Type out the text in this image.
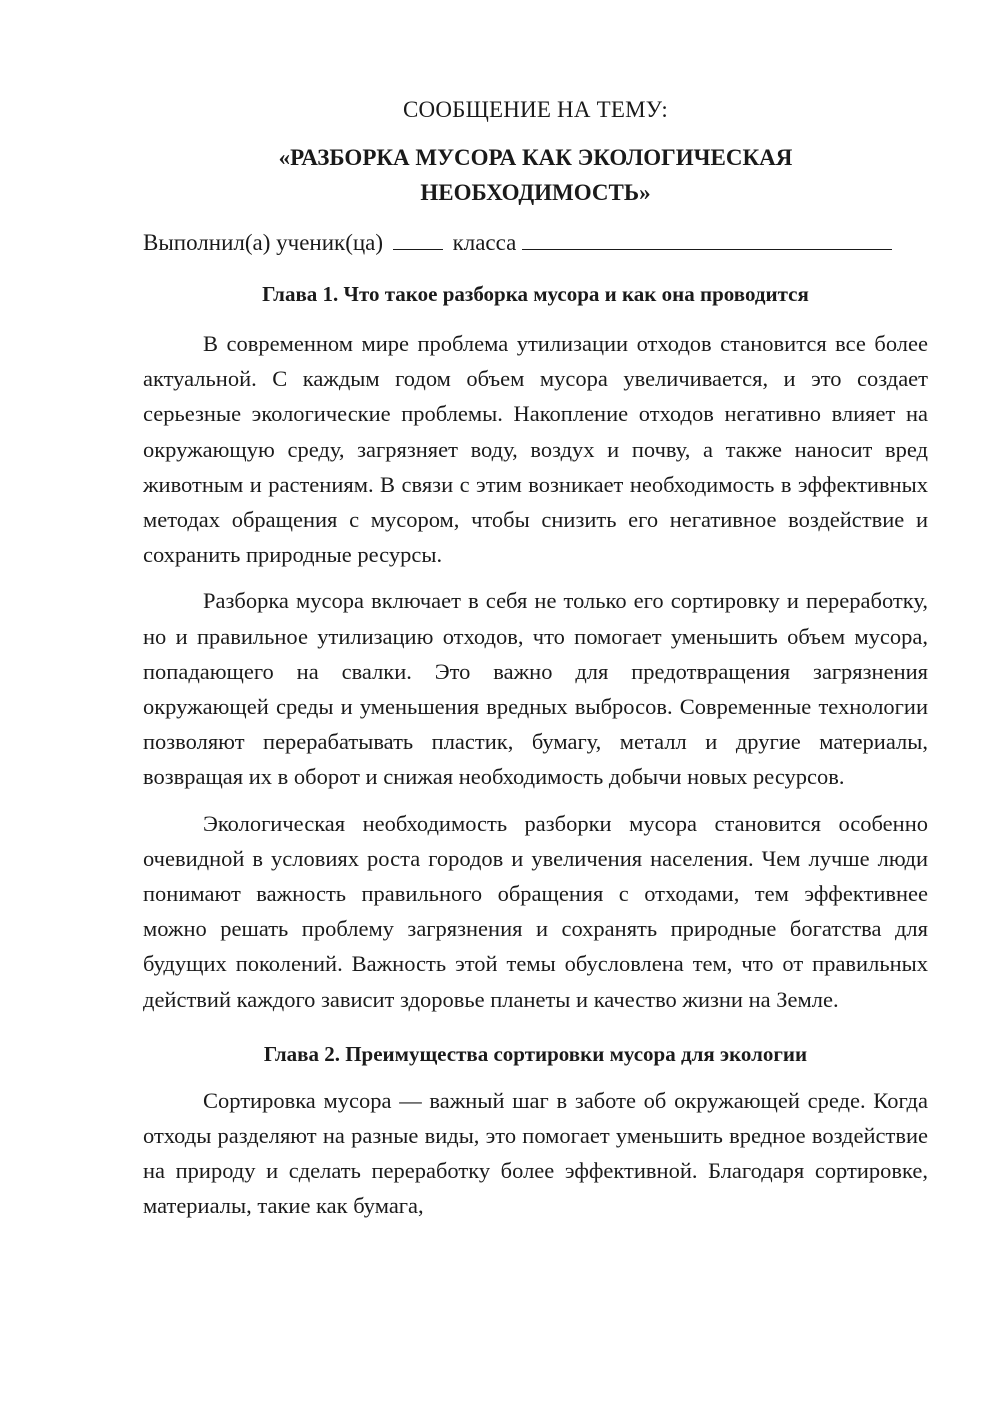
СООБЩЕНИЕ НА ТЕМУ:

«РАЗБОРКА МУСОРА КАК ЭКОЛОГИЧЕСКАЯ
НЕОБХОДИМОСТЬ»

Выполнил(а) ученик(ца)	класса

Глава 1. Что такое разборка мусора и как она проводится

В современном мире проблема утилизации отходов становится все более актуальной. С каждым годом объем мусора увеличивается, и это создает серьезные экологические проблемы. Накопление отходов негативно влияет на окружающую среду, загрязняет воду, воздух и почву, а также наносит вред животным и растениям. В связи с этим возникает необходимость в эффективных методах обращения с мусором, чтобы снизить его негативное воздействие и сохранить природные ресурсы.

Разборка мусора включает в себя не только его сортировку и переработку, но и правильное утилизацию отходов, что помогает уменьшить объем мусора, попадающего на свалки. Это важно для предотвращения загрязнения окружающей среды и уменьшения вредных выбросов. Современные технологии позволяют перерабатывать пластик, бумагу, металл и другие материалы, возвращая их в оборот и снижая необходимость добычи новых ресурсов.

Экологическая необходимость разборки мусора становится особенно очевидной в условиях роста городов и увеличения населения. Чем лучше люди понимают важность правильного обращения с отходами, тем эффективнее можно решать проблему загрязнения и сохранять природные богатства для будущих поколений. Важность этой темы обусловлена тем, что от правильных действий каждого зависит здоровье планеты и качество жизни на Земле.

Глава 2. Преимущества сортировки мусора для экологии

Сортировка мусора — важный шаг в заботе об окружающей среде. Когда отходы разделяют на разные виды, это помогает уменьшить вредное воздействие на природу и сделать переработку более эффективной. Благодаря сортировке, материалы, такие как бумага,
